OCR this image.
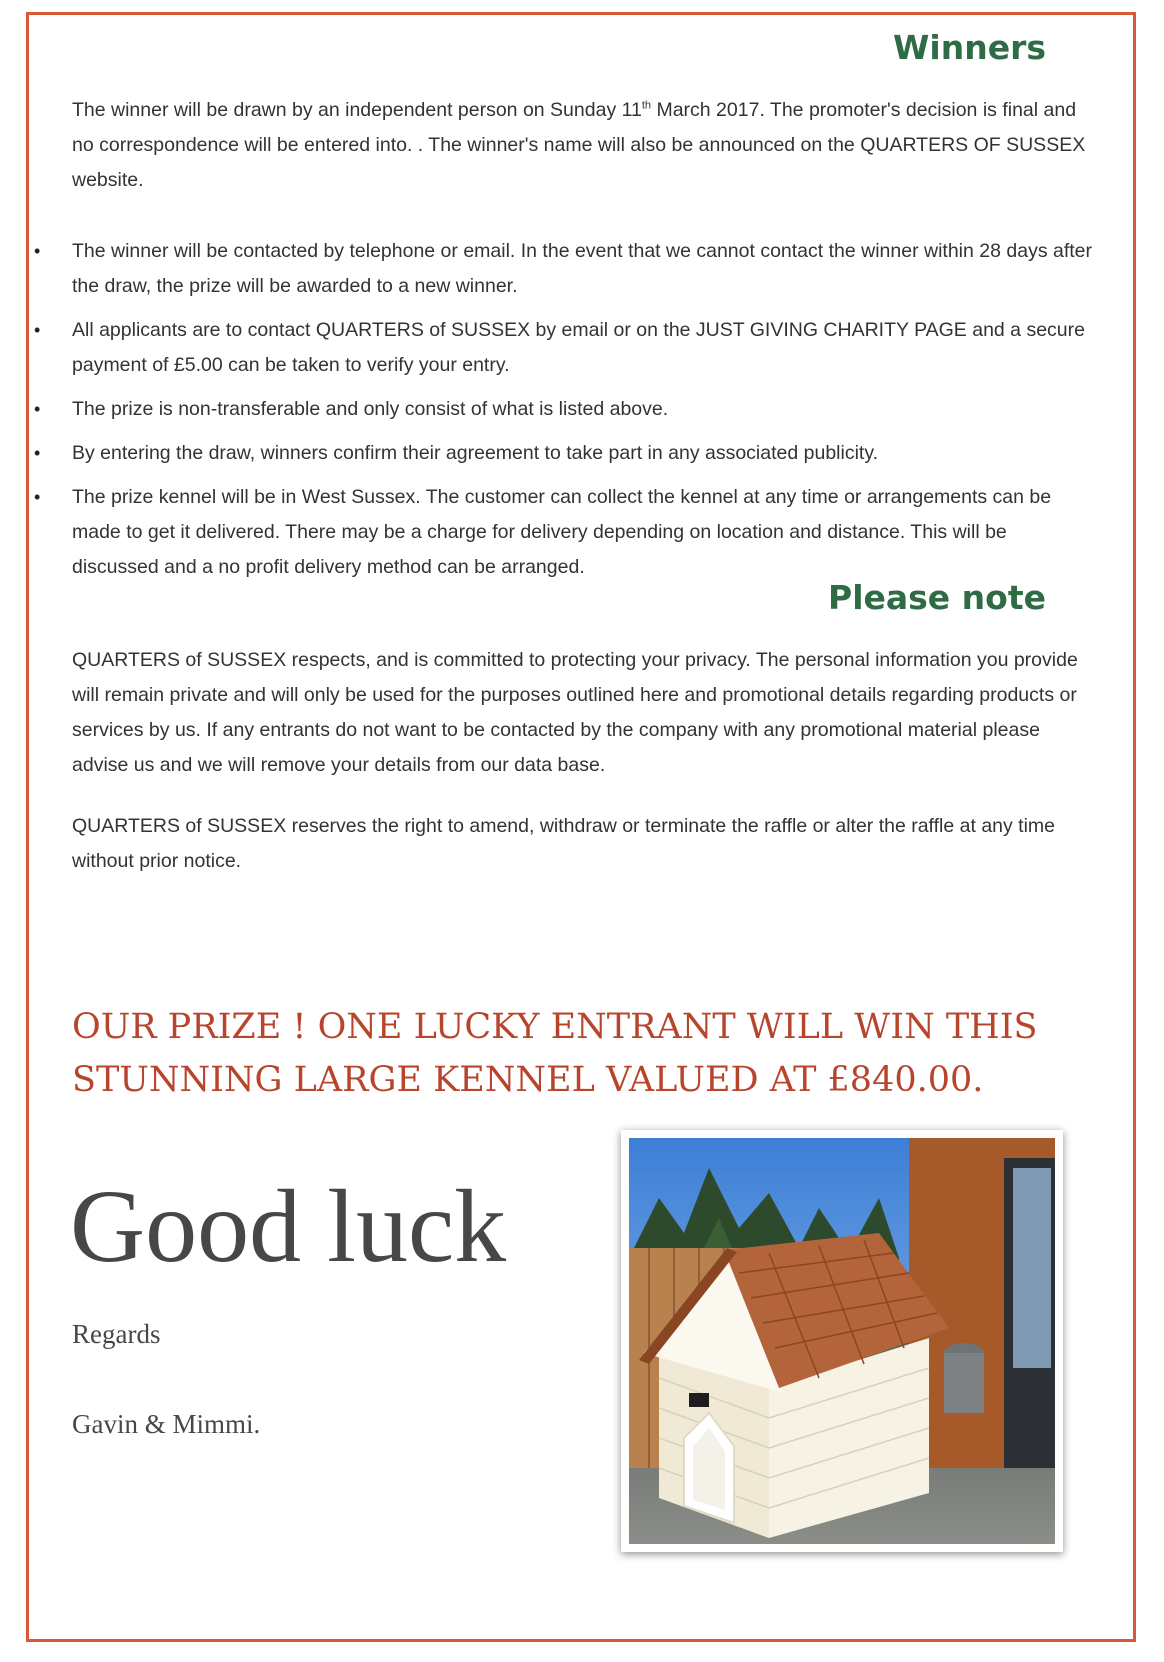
Winners

The winner will be drawn by an independent person on Sunday 11th March 2017. The promoter's decision is final and no correspondence will be entered into. . The winner's name will also be announced on the QUARTERS OF SUSSEX website.

• The winner will be contacted by telephone or email. In the event that we cannot contact the winner within 28 days after the draw, the prize will be awarded to a new winner.
• All applicants are to contact QUARTERS of SUSSEX by email or on the JUST GIVING CHARITY PAGE and a secure payment of £5.00 can be taken to verify your entry.
• The prize is non-transferable and only consist of what is listed above.
• By entering the draw, winners confirm their agreement to take part in any associated publicity.
• The prize kennel will be in West Sussex. The customer can collect the kennel at any time or arrangements can be made to get it delivered. There may be a charge for delivery depending on location and distance. This will be discussed and a no profit delivery method can be arranged.
Please note

QUARTERS of SUSSEX respects, and is committed to protecting your privacy. The personal information you provide will remain private and will only be used for the purposes outlined here and promotional details regarding products or services by us. If any entrants do not want to be contacted by the company with any promotional material please advise us and we will remove your details from our data base.

QUARTERS of SUSSEX reserves the right to amend, withdraw or terminate the raffle or alter the raffle at any time without prior notice.

OUR PRIZE ! ONE LUCKY ENTRANT WILL WIN THIS STUNNING LARGE KENNEL VALUED AT £840.00.

Good luck

Regards

Gavin & Mimmi.
